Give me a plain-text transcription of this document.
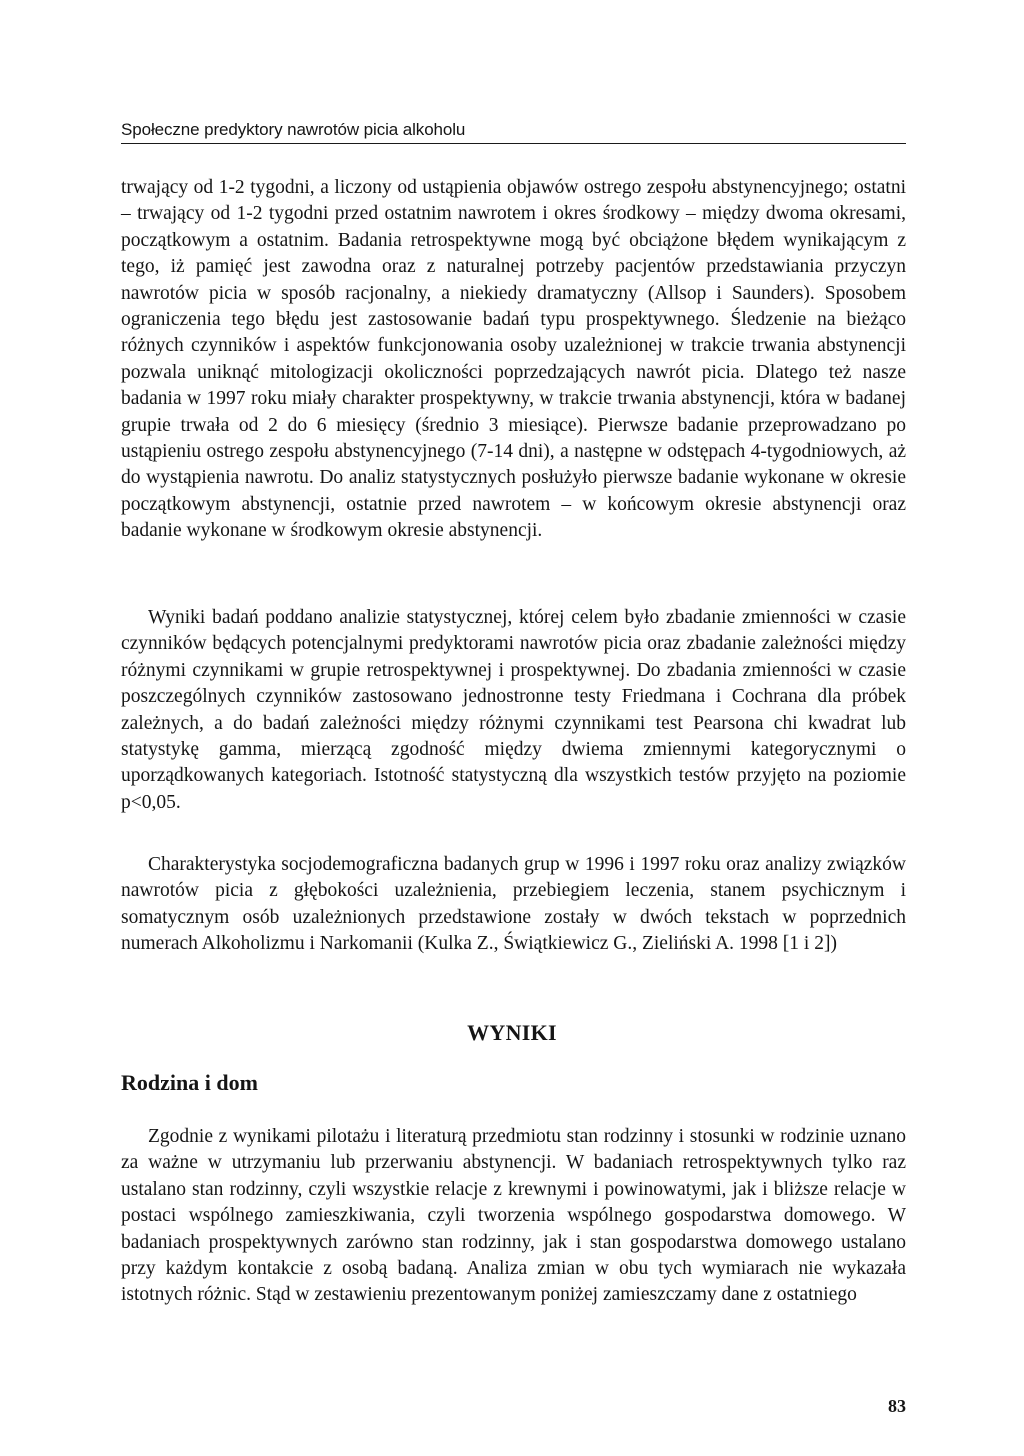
Społeczne predyktory nawrotów picia alkoholu

trwający od 1-2 tygodni, a liczony od ustąpienia objawów ostrego zespołu abstynencyjnego; ostatni – trwający od 1-2 tygodni przed ostatnim nawrotem i okres środkowy – między dwoma okresami, początkowym a ostatnim. Badania retrospektywne mogą być obciążone błędem wynikającym z tego, iż pamięć jest zawodna oraz z naturalnej potrzeby pacjentów przedstawiania przyczyn nawrotów picia w sposób racjonalny, a niekiedy dramatyczny (Allsop i Saunders). Sposobem ograniczenia tego błędu jest zastosowanie badań typu prospektywnego. Śledzenie na bieżąco różnych czynników i aspektów funkcjonowania osoby uzależnionej w trakcie trwania abstynencji pozwala uniknąć mitologizacji okoliczności poprzedzających nawrót picia. Dlatego też nasze badania w 1997 roku miały charakter prospektywny, w trakcie trwania abstynencji, która w badanej grupie trwała od 2 do 6 miesięcy (średnio 3 miesiące). Pierwsze badanie przeprowadzano po ustąpieniu ostrego zespołu abstynencyjnego (7-14 dni), a następne w odstępach 4-tygodniowych, aż do wystąpienia nawrotu. Do analiz statystycznych posłużyło pierwsze badanie wykonane w okresie początkowym abstynencji, ostatnie przed nawrotem – w końcowym okresie abstynencji oraz badanie wykonane w środkowym okresie abstynencji.

Wyniki badań poddano analizie statystycznej, której celem było zbadanie zmienności w czasie czynników będących potencjalnymi predyktorami nawrotów picia oraz zbadanie zależności między różnymi czynnikami w grupie retrospektywnej i prospektywnej. Do zbadania zmienności w czasie poszczególnych czynników zastosowano jednostronne testy Friedmana i Cochrana dla próbek zależnych, a do badań zależności między różnymi czynnikami test Pearsona chi kwadrat lub statystykę gamma, mierzącą zgodność między dwiema zmiennymi kategorycznymi o uporządkowanych kategoriach. Istotność statystyczną dla wszystkich testów przyjęto na poziomie p<0,05.

Charakterystyka socjodemograficzna badanych grup w 1996 i 1997 roku oraz analizy związków nawrotów picia z głębokości uzależnienia, przebiegiem leczenia, stanem psychicznym i somatycznym osób uzależnionych przedstawione zostały w dwóch tekstach w poprzednich numerach Alkoholizmu i Narkomanii (Kulka Z., Świątkiewicz G., Zieliński A. 1998 [1 i 2])

WYNIKI
Rodzina i dom

Zgodnie z wynikami pilotażu i literaturą przedmiotu stan rodzinny i stosunki w rodzinie uznano za ważne w utrzymaniu lub przerwaniu abstynencji. W badaniach retrospektywnych tylko raz ustalano stan rodzinny, czyli wszystkie relacje z krewnymi i powinowatymi, jak i bliższe relacje w postaci wspólnego zamieszkiwania, czyli tworzenia wspólnego gospodarstwa domowego. W badaniach prospektywnych zarówno stan rodzinny, jak i stan gospodarstwa domowego ustalano przy każdym kontakcie z osobą badaną. Analiza zmian w obu tych wymiarach nie wykazała istotnych różnic. Stąd w zestawieniu prezentowanym poniżej zamieszczamy dane z ostatniego

83
